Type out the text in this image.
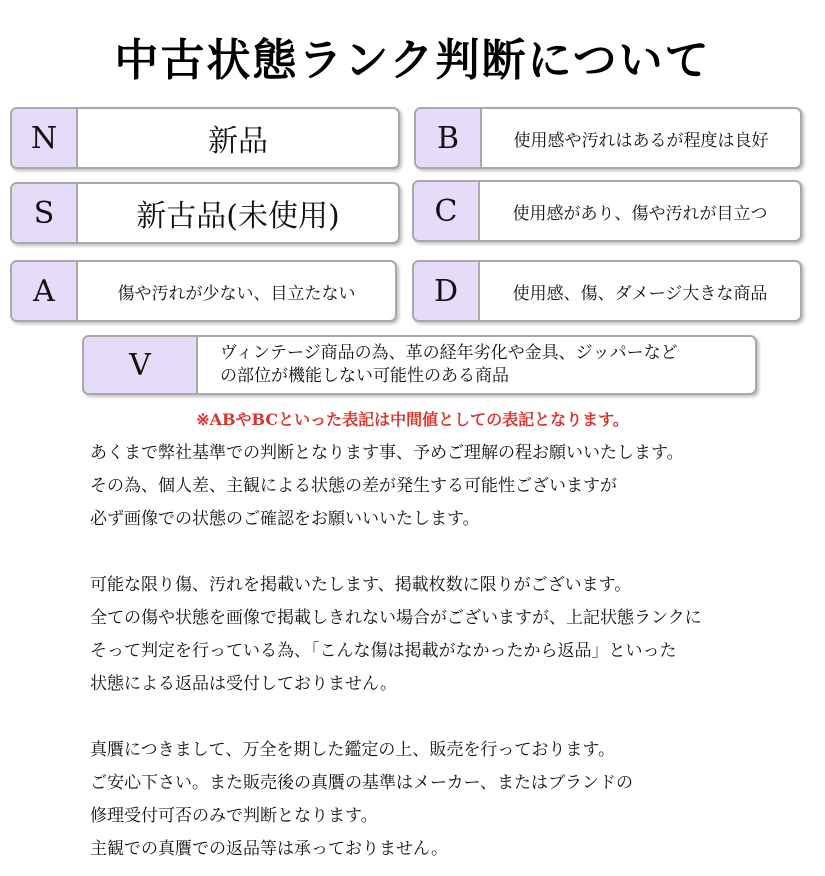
中古状態ランク判断について
N	新品	B	使用感や汚れはあるが程度は良好
S	新古品(未使用)	C	使用感があり、傷や汚れが目立つ
A	傷や汚れが少ない、目立たない	D	使用感、傷、ダメージ大きな商品
V	ヴィンテージ商品の為、革の経年劣化や金具、ジッパーなど
の部位が機能しない可能性のある商品
※ABやBCといった表記は中間値としての表記となります。
あくまで弊社基準での判断となります事、予めご理解の程お願いいたします。
その為、個人差、主観による状態の差が発生する可能性ございますが
必ず画像での状態のご確認をお願いいいたします。
可能な限り傷、汚れを掲載いたします、掲載枚数に限りがございます。
全ての傷や状態を画像で掲載しきれない場合がございますが、上記状態ランクに
そって判定を行っている為、「こんな傷は掲載がなかったから返品」といった
状態による返品は受付しておりません。
真贋につきまして、万全を期した鑑定の上、販売を行っております。
ご安心下さい。また販売後の真贋の基準はメーカー、またはブランドの
修理受付可否のみで判断となります。
主観での真贋での返品等は承っておりません。
